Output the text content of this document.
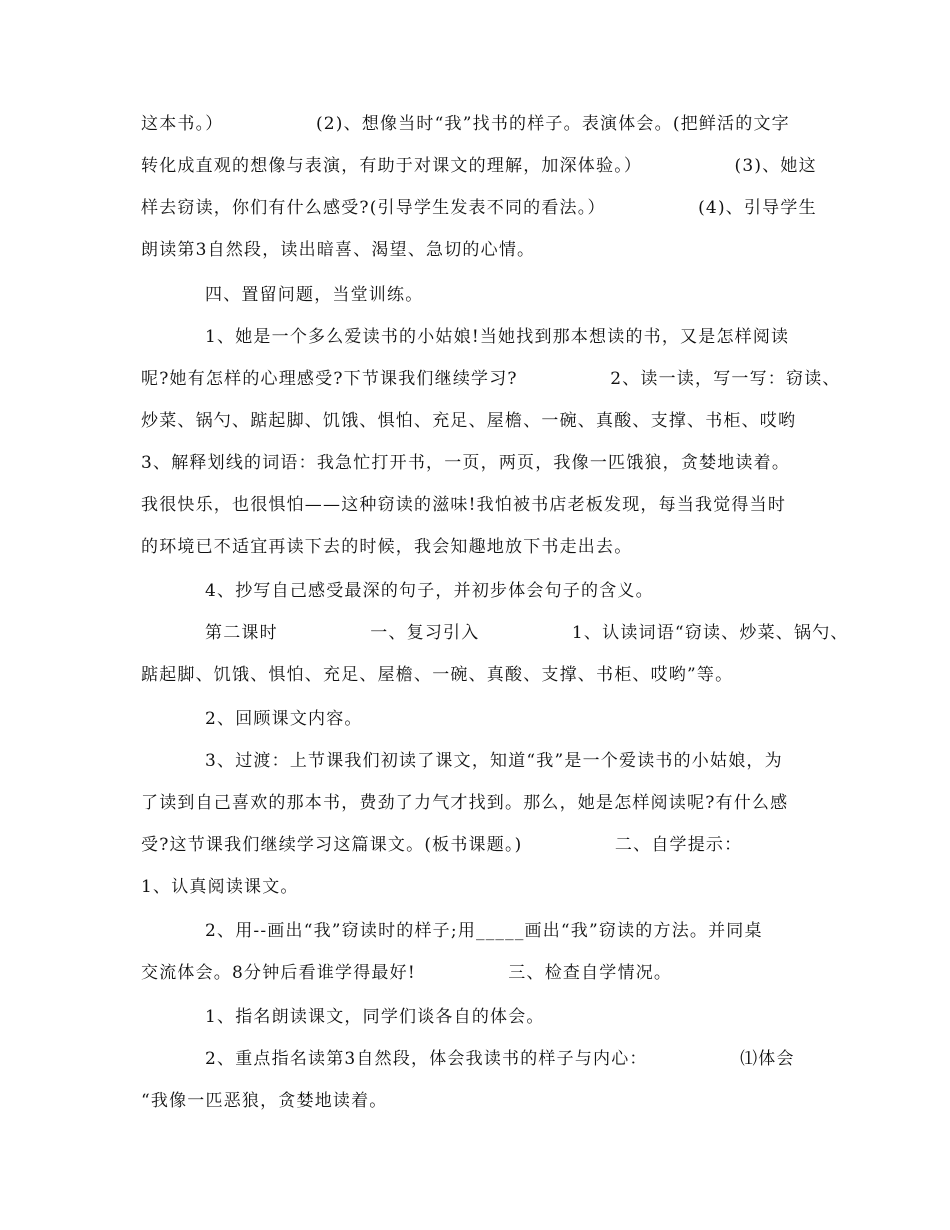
这本书。）              (2)、想像当时“我”找书的样子。表演体会。(把鲜活的文字
转化成直观的想像与表演，有助于对课文的理解，加深体验。）              (3)、她这
样去窃读，你们有什么感受?(引导学生发表不同的看法。）              (4)、引导学生
朗读第3自然段，读出暗喜、渴望、急切的心情。
四、置留问题，当堂训练。
1、她是一个多么爱读书的小姑娘!当她找到那本想读的书，又是怎样阅读
呢?她有怎样的心理感受?下节课我们继续学习?              2、读一读，写一写：窃读、
炒菜、锅勺、踮起脚、饥饿、惧怕、充足、屋檐、一碗、真酸、支撑、书柜、哎哟
3、解释划线的词语：我急忙打开书，一页，两页，我像一匹饿狼，贪婪地读着。
我很快乐，也很惧怕——这种窃读的滋味!我怕被书店老板发现，每当我觉得当时
的环境已不适宜再读下去的时候，我会知趣地放下书走出去。
4、抄写自己感受最深的句子，并初步体会句子的含义。
第二课时              一、复习引入              1、认读词语“窃读、炒菜、锅勺、
踮起脚、饥饿、惧怕、充足、屋檐、一碗、真酸、支撑、书柜、哎哟”等。
2、回顾课文内容。
3、过渡：上节课我们初读了课文，知道“我”是一个爱读书的小姑娘，为
了读到自己喜欢的那本书，费劲了力气才找到。那么，她是怎样阅读呢?有什么感
受?这节课我们继续学习这篇课文。(板书课题。)              二、自学提示：
1、认真阅读课文。
2、用--画出“我”窃读时的样子;用_____画出“我”窃读的方法。并同桌
交流体会。8分钟后看谁学得最好!              三、检查自学情况。
1、指名朗读课文，同学们谈各自的体会。
2、重点指名读第3自然段，体会我读书的样子与内心：              ⑴体会
“我像一匹恶狼，贪婪地读着。
